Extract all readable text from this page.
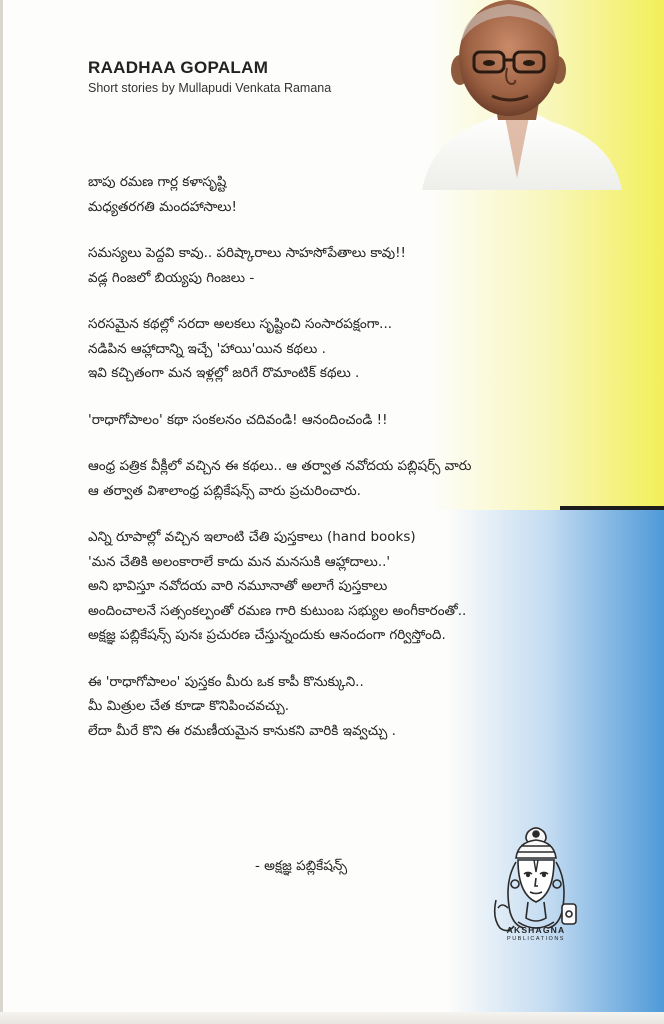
RAADHAA GOPALAM
Short stories by Mullapudi Venkata Ramana
బాపు రమణ గార్ల కళాసృష్టి
మధ్యతరగతి మందహాసాలు!
సమస్యలు పెద్దవి కావు.. పరిష్కారాలు సాహసోపేతాలు కావు!!
వడ్ల గింజలో బియ్యపు గింజలు -
సరసమైన కథల్లో సరదా అలకలు సృష్టించి సంసారపక్షంగా...
నడిపిన ఆహ్లాదాన్ని ఇచ్చే 'హాయి'యిన కథలు .
ఇవి కచ్చితంగా మన ఇళ్లల్లో జరిగే రొమాంటిక్ కథలు .
'రాధాగోపాలం' కథా సంకలనం చదివండి! ఆనందించండి !!
ఆంధ్ర పత్రిక వీక్లీలో వచ్చిన ఈ కథలు.. ఆ తర్వాత నవోదయ పబ్లిషర్స్ వారు
ఆ తర్వాత విశాలాంధ్ర పబ్లికేషన్స్ వారు ప్రచురించారు.
ఎన్ని రూపాల్లో వచ్చిన ఇలాంటి చేతి పుస్తకాలు (hand books)
'మన చేతికి అలంకారాలే కాదు మన మనసుకి ఆహ్లాదాలు..'
అని భావిస్తూ నవోదయ వారి నమూనాతో అలాగే పుస్తకాలు
అందించాలనే సత్సంకల్పంతో రమణ గారి కుటుంబ సభ్యుల అంగీకారంతో..
అక్షజ్ఞ పబ్లికేషన్స్ పునః ప్రచురణ చేస్తున్నందుకు ఆనందంగా గర్విస్తోంది.
ఈ 'రాధాగోపాలం' పుస్తకం మీరు ఒక కాపీ కొనుక్కుని..
మీ మిత్రుల చేత కూడా కొనిపించవచ్చు.
లేదా మీరే కొని ఈ రమణీయమైన కానుకని వారికి ఇవ్వచ్చు .
- అక్షజ్ఞ పబ్లికేషన్స్
AKSHAGNA
PUBLICATIONS
